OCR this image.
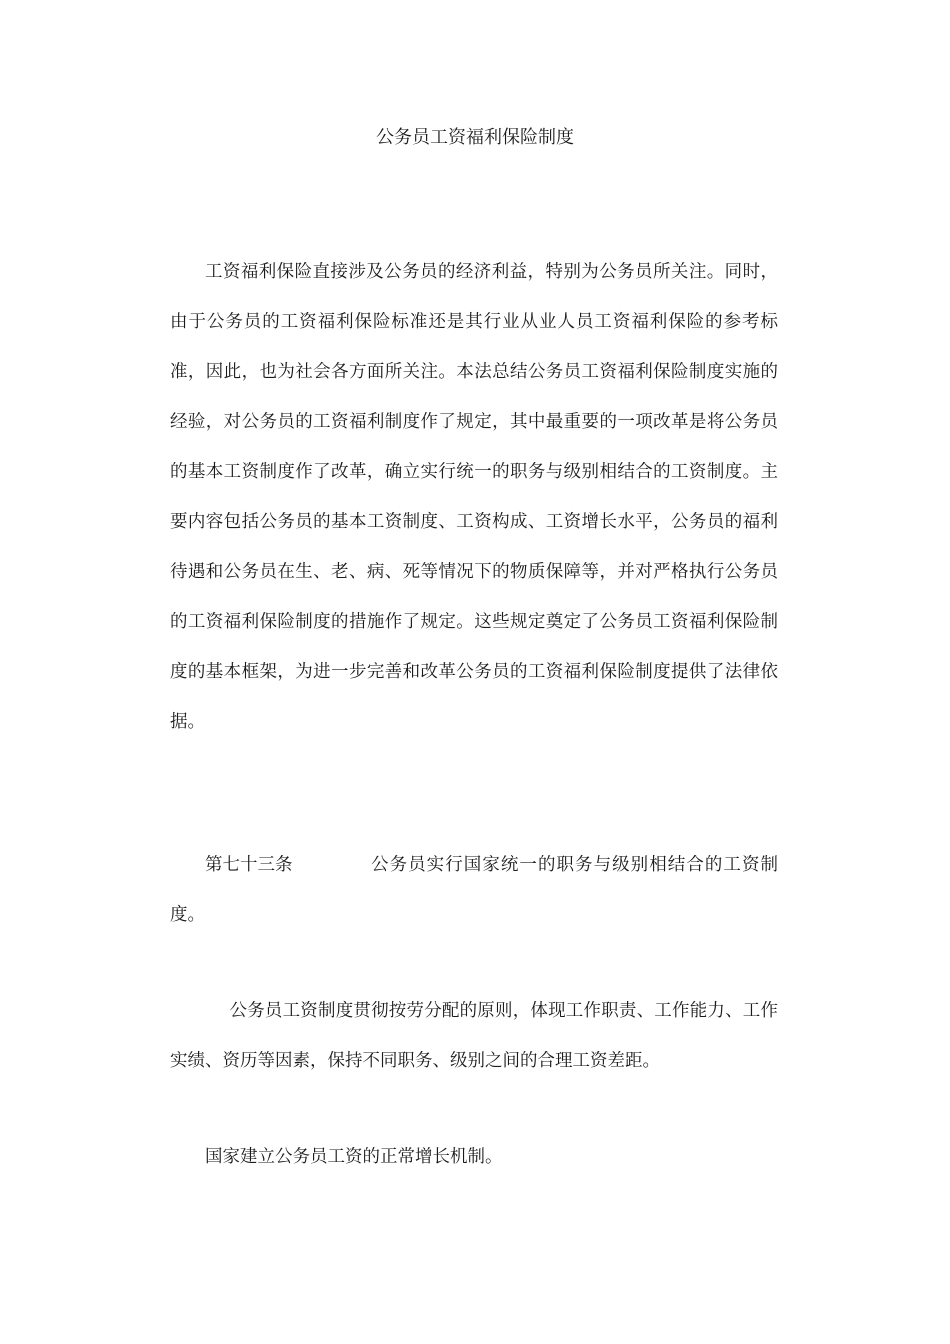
公务员工资福利保险制度

工资福利保险直接涉及公务员的经济利益，特别为公务员所关注。同时，由于公务员的工资福利保险标准还是其行业从业人员工资福利保险的参考标准，因此，也为社会各方面所关注。本法总结公务员工资福利保险制度实施的经验，对公务员的工资福利制度作了规定，其中最重要的一项改革是将公务员的基本工资制度作了改革，确立实行统一的职务与级别相结合的工资制度。主要内容包括公务员的基本工资制度、工资构成、工资增长水平，公务员的福利待遇和公务员在生、老、病、死等情况下的物质保障等，并对严格执行公务员的工资福利保险制度的措施作了规定。这些规定奠定了公务员工资福利保险制度的基本框架，为进一步完善和改革公务员的工资福利保险制度提供了法律依据。

第七十三条	公务员实行国家统一的职务与级别相结合的工资制度。

公务员工资制度贯彻按劳分配的原则，体现工作职责、工作能力、工作实绩、资历等因素，保持不同职务、级别之间的合理工资差距。

国家建立公务员工资的正常增长机制。
